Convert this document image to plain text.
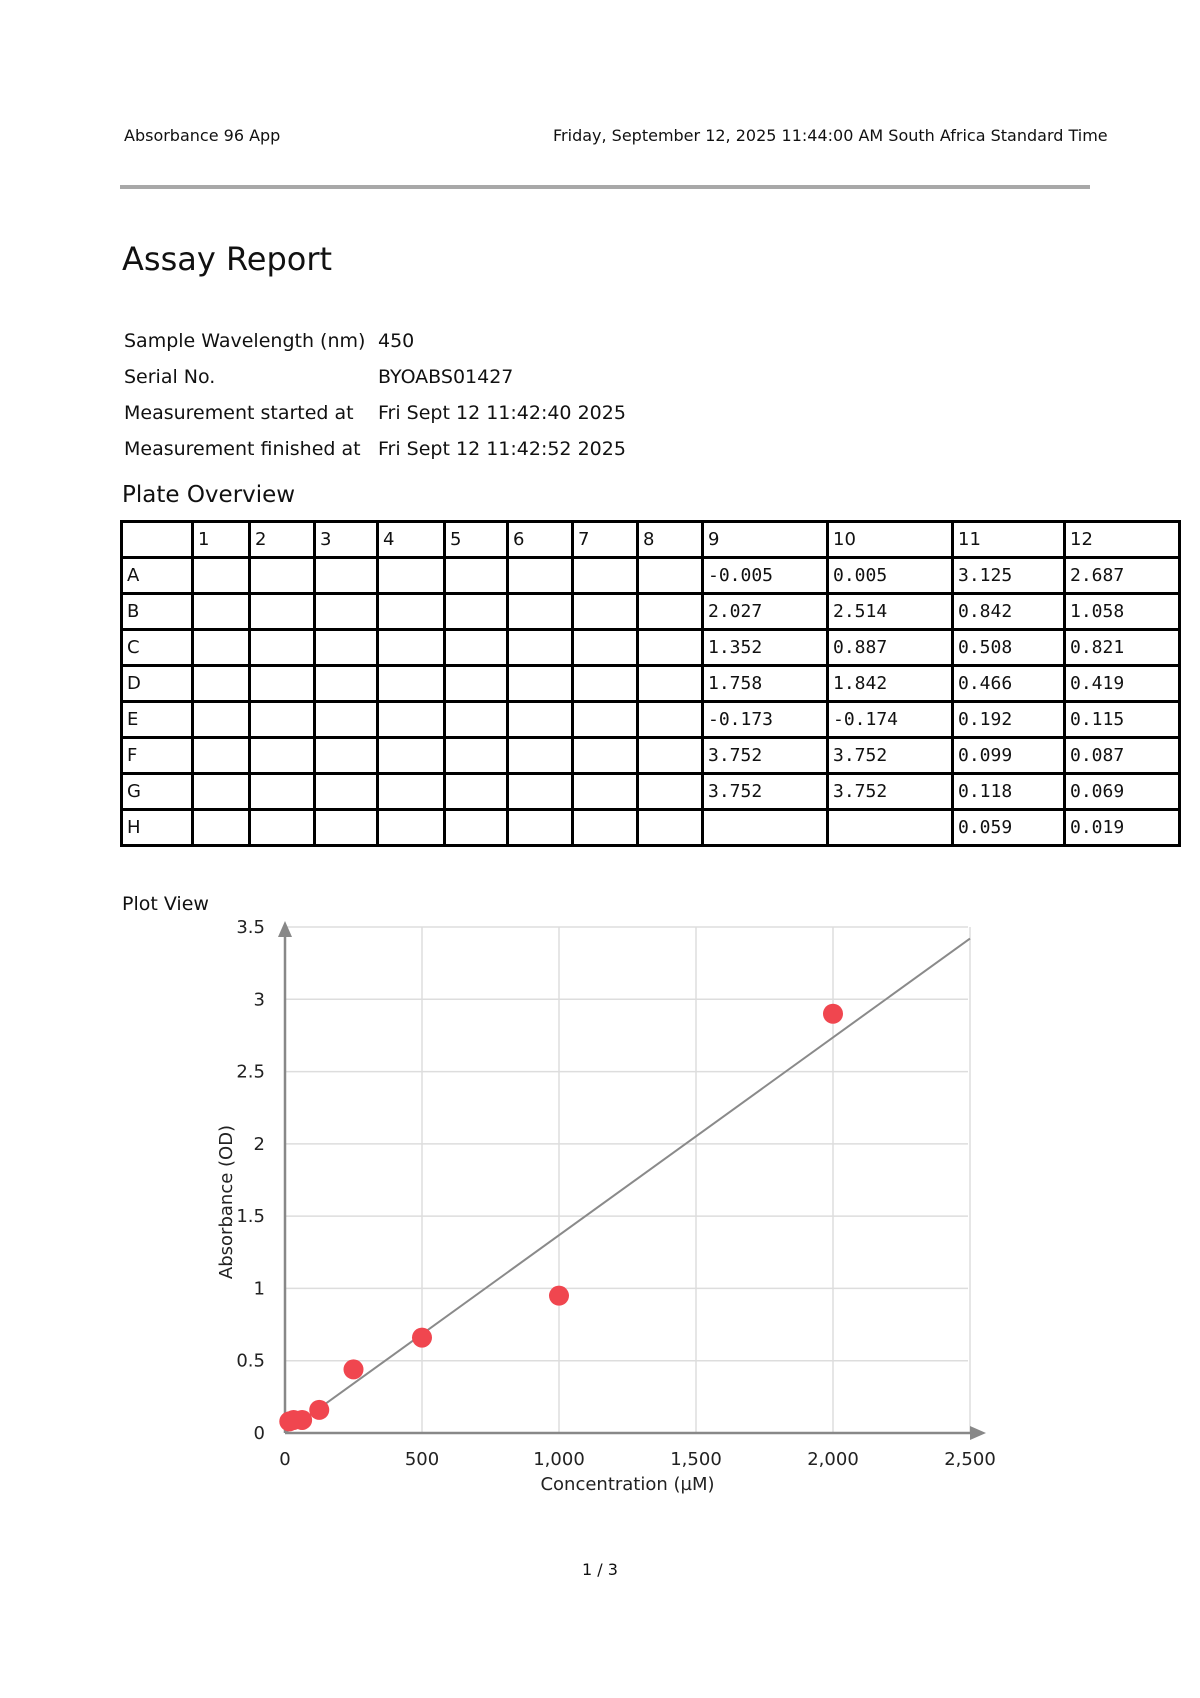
Absorbance 96 App	Friday, September 12, 2025 11:44:00 AM South Africa Standard Time
Assay Report
Sample Wavelength (nm) 450
Serial No.	BYOABS01427
Measurement started at	Fri Sept 12 11:42:40 2025
Measurement finished at Fri Sept 12 11:42:52 2025
Plate Overview
	1	2	3	4	5	6	7	8	9	10	11	12
A									-0.005	0.005	3.125	2.687
B									2.027	2.514	0.842	1.058
C									1.352	0.887	0.508	0.821
D									1.758	1.842	0.466	0.419
E									-0.173	-0.174	0.192	0.115
F									3.752	3.752	0.099	0.087
G									3.752	3.752	0.118	0.069
H											0.059	0.019
Plot View
0	500	1,000	1,500	2,000	2,500
0
0.5
1
1.5
2
2.5
3
3.5
Concentration (µM)
Absorbance (OD)
1 / 3
